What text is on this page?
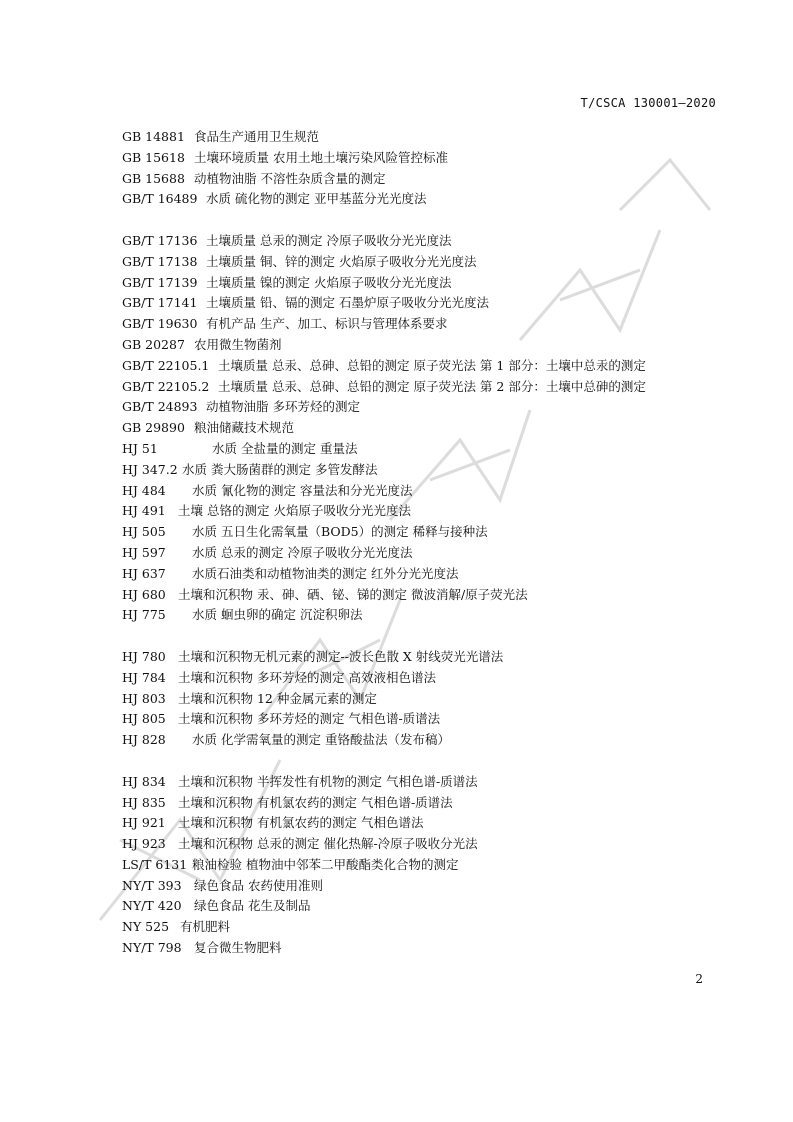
T/CSCA 130001—2020
GB 14881 食品生产通用卫生规范
GB 15618 土壤环境质量 农用土地土壤污染风险管控标准
GB 15688 动植物油脂 不溶性杂质含量的测定
GB/T 16489 水质 硫化物的测定 亚甲基蓝分光光度法
GB/T 17136 土壤质量 总汞的测定 冷原子吸收分光光度法
GB/T 17138 土壤质量 铜、锌的测定 火焰原子吸收分光光度法
GB/T 17139 土壤质量 镍的测定 火焰原子吸收分光光度法
GB/T 17141 土壤质量 铅、镉的测定 石墨炉原子吸收分光光度法
GB/T 19630 有机产品 生产、加工、标识与管理体系要求
GB 20287 农用微生物菌剂
GB/T 22105.1 土壤质量 总汞、总砷、总铅的测定 原子荧光法 第 1 部分：土壤中总汞的测定
GB/T 22105.2 土壤质量 总汞、总砷、总铅的测定 原子荧光法 第 2 部分：土壤中总砷的测定
GB/T 24893 动植物油脂 多环芳烃的测定
GB 29890 粮油储藏技术规范
HJ 51	水质 全盐量的测定 重量法
HJ 347.2 水质 粪大肠菌群的测定 多管发酵法
HJ 484	水质 氰化物的测定 容量法和分光光度法
HJ 491 土壤 总铬的测定 火焰原子吸收分光光度法
HJ 505	水质 五日生化需氧量（BOD5）的测定 稀释与接种法
HJ 597	水质 总汞的测定 冷原子吸收分光光度法
HJ 637	水质石油类和动植物油类的测定 红外分光光度法
HJ 680 土壤和沉积物 汞、砷、硒、铋、锑的测定 微波消解/原子荧光法
HJ 775	水质 蛔虫卵的确定 沉淀积卵法
HJ 780 土壤和沉积物无机元素的测定--波长色散 X 射线荧光光谱法
HJ 784 土壤和沉积物 多环芳烃的测定 高效液相色谱法
HJ 803 土壤和沉积物 12 种金属元素的测定
HJ 805 土壤和沉积物 多环芳烃的测定 气相色谱-质谱法
HJ 828	水质 化学需氧量的测定 重铬酸盐法（发布稿）
HJ 834 土壤和沉积物 半挥发性有机物的测定 气相色谱-质谱法
HJ 835 土壤和沉积物 有机氯农药的测定 气相色谱-质谱法
HJ 921 土壤和沉积物 有机氯农药的测定 气相色谱法
HJ 923 土壤和沉积物 总汞的测定 催化热解-冷原子吸收分光法
LS/T 6131 粮油检验 植物油中邻苯二甲酸酯类化合物的测定
NY/T 393 绿色食品 农药使用准则
NY/T 420 绿色食品 花生及制品
NY 525 有机肥料
NY/T 798 复合微生物肥料
2
